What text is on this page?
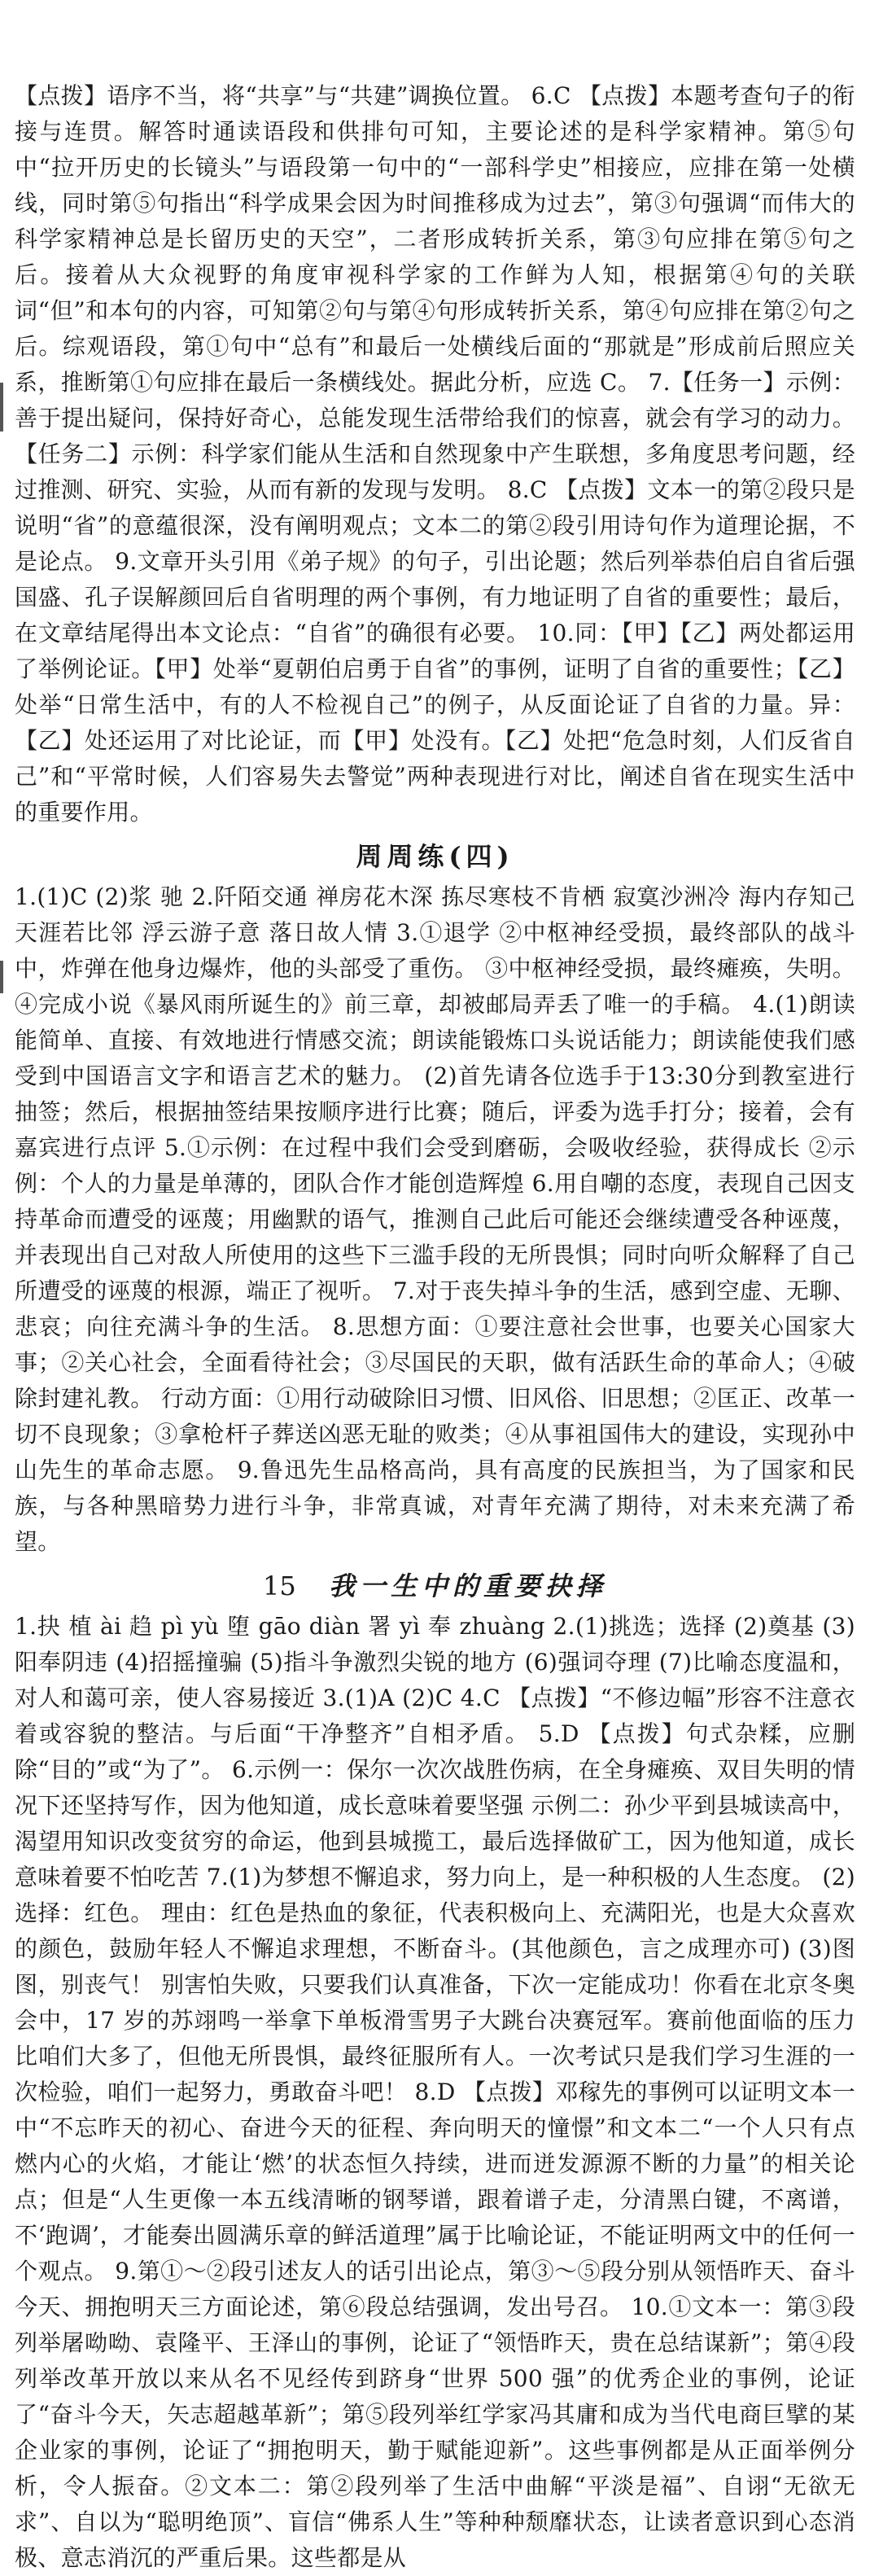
【点拨】语序不当，将“共享”与“共建”调换位置。 6.C 【点拨】本题考查句子的衔接与连贯。解答时通读语段和供排句可知，主要论述的是科学家精神。第⑤句中“拉开历史的长镜头”与语段第一句中的“一部科学史”相接应，应排在第一处横线，同时第⑤句指出“科学成果会因为时间推移成为过去”，第③句强调“而伟大的科学家精神总是长留历史的天空”，二者形成转折关系，第③句应排在第⑤句之后。接着从大众视野的角度审视科学家的工作鲜为人知，根据第④句的关联词“但”和本句的内容，可知第②句与第④句形成转折关系，第④句应排在第②句之后。综观语段，第①句中“总有”和最后一处横线后面的“那就是”形成前后照应关系，推断第①句应排在最后一条横线处。据此分析，应选 C。 7.【任务一】示例：善于提出疑问，保持好奇心，总能发现生活带给我们的惊喜，就会有学习的动力。【任务二】示例：科学家们能从生活和自然现象中产生联想，多角度思考问题，经过推测、研究、实验，从而有新的发现与发明。 8.C 【点拨】文本一的第②段只是说明“省”的意蕴很深，没有阐明观点；文本二的第②段引用诗句作为道理论据，不是论点。 9.文章开头引用《弟子规》的句子，引出论题；然后列举恭伯启自省后强国盛、孔子误解颜回后自省明理的两个事例，有力地证明了自省的重要性；最后，在文章结尾得出本文论点：“自省”的确很有必要。 10.同：【甲】【乙】两处都运用了举例论证。【甲】处举“夏朝伯启勇于自省”的事例，证明了自省的重要性；【乙】处举“日常生活中，有的人不检视自己”的例子，从反面论证了自省的力量。异：【乙】处还运用了对比论证，而【甲】处没有。【乙】处把“危急时刻，人们反省自己”和“平常时候，人们容易失去警觉”两种表现进行对比，阐述自省在现实生活中的重要作用。

周周练(四)

1.(1)C (2)浆 驰 2.阡陌交通 禅房花木深 拣尽寒枝不肯栖 寂寞沙洲冷 海内存知己 天涯若比邻 浮云游子意 落日故人情 3.①退学 ②中枢神经受损，最终部队的战斗中，炸弹在他身边爆炸，他的头部受了重伤。 ③中枢神经受损，最终瘫痪，失明。 ④完成小说《暴风雨所诞生的》前三章，却被邮局弄丢了唯一的手稿。 4.(1)朗读能简单、直接、有效地进行情感交流；朗读能锻炼口头说话能力；朗读能使我们感受到中国语言文字和语言艺术的魅力。 (2)首先请各位选手于13:30分到教室进行抽签；然后，根据抽签结果按顺序进行比赛；随后，评委为选手打分；接着，会有嘉宾进行点评 5.①示例：在过程中我们会受到磨砺，会吸收经验，获得成长 ②示例：个人的力量是单薄的，团队合作才能创造辉煌 6.用自嘲的态度，表现自己因支持革命而遭受的诬蔑；用幽默的语气，推测自己此后可能还会继续遭受各种诬蔑，并表现出自己对敌人所使用的这些下三滥手段的无所畏惧；同时向听众解释了自己所遭受的诬蔑的根源，端正了视听。 7.对于丧失掉斗争的生活，感到空虚、无聊、悲哀；向往充满斗争的生活。 8.思想方面：①要注意社会世事，也要关心国家大事；②关心社会，全面看待社会；③尽国民的天职，做有活跃生命的革命人；④破除封建礼教。 行动方面：①用行动破除旧习惯、旧风俗、旧思想；②匡正、改革一切不良现象；③拿枪杆子葬送凶恶无耻的败类；④从事祖国伟大的建设，实现孙中山先生的革命志愿。 9.鲁迅先生品格高尚，具有高度的民族担当，为了国家和民族，与各种黑暗势力进行斗争，非常真诚，对青年充满了期待，对未来充满了希望。

15 我一生中的重要抉择

1.抉 植 ài 趋 pì yù 堕 gāo diàn 署 yì 奉 zhuàng 2.(1)挑选；选择 (2)奠基 (3)阳奉阴违 (4)招摇撞骗 (5)指斗争激烈尖锐的地方 (6)强词夺理 (7)比喻态度温和，对人和蔼可亲，使人容易接近 3.(1)A (2)C 4.C 【点拨】“不修边幅”形容不注意衣着或容貌的整洁。与后面“干净整齐”自相矛盾。 5.D 【点拨】句式杂糅，应删除“目的”或“为了”。 6.示例一：保尔一次次战胜伤病，在全身瘫痪、双目失明的情况下还坚持写作，因为他知道，成长意味着要坚强 示例二：孙少平到县城读高中，渴望用知识改变贫穷的命运，他到县城揽工，最后选择做矿工，因为他知道，成长意味着要不怕吃苦 7.(1)为梦想不懈追求，努力向上，是一种积极的人生态度。 (2)选择：红色。 理由：红色是热血的象征，代表积极向上、充满阳光，也是大众喜欢的颜色，鼓励年轻人不懈追求理想，不断奋斗。(其他颜色，言之成理亦可) (3)图图，别丧气！ 别害怕失败，只要我们认真准备，下次一定能成功！你看在北京冬奥会中，17 岁的苏翊鸣一举拿下单板滑雪男子大跳台决赛冠军。赛前他面临的压力比咱们大多了，但他无所畏惧，最终征服所有人。一次考试只是我们学习生涯的一次检验，咱们一起努力，勇敢奋斗吧！ 8.D 【点拨】邓稼先的事例可以证明文本一中“不忘昨天的初心、奋进今天的征程、奔向明天的憧憬”和文本二“一个人只有点燃内心的火焰，才能让‘燃’的状态恒久持续，进而迸发源源不断的力量”的相关论点；但是“人生更像一本五线清晰的钢琴谱，跟着谱子走，分清黑白键，不离谱，不‘跑调’，才能奏出圆满乐章的鲜活道理”属于比喻论证，不能证明两文中的任何一个观点。 9.第①～②段引述友人的话引出论点，第③～⑤段分别从领悟昨天、奋斗今天、拥抱明天三方面论述，第⑥段总结强调，发出号召。 10.①文本一：第③段列举屠呦呦、袁隆平、王泽山的事例，论证了“领悟昨天，贵在总结谋新”；第④段列举改革开放以来从名不见经传到跻身“世界 500 强”的优秀企业的事例，论证了“奋斗今天，矢志超越革新”；第⑤段列举红学家冯其庸和成为当代电商巨擘的某企业家的事例，论证了“拥抱明天，勤于赋能迎新”。这些事例都是从正面举例分析，令人振奋。②文本二：第②段列举了生活中曲解“平淡是福”、自诩“无欲无求”、自以为“聪明绝顶”、盲信“佛系人生”等种种颓靡状态，让读者意识到心态消极、意志消沉的严重后果。这些都是从
